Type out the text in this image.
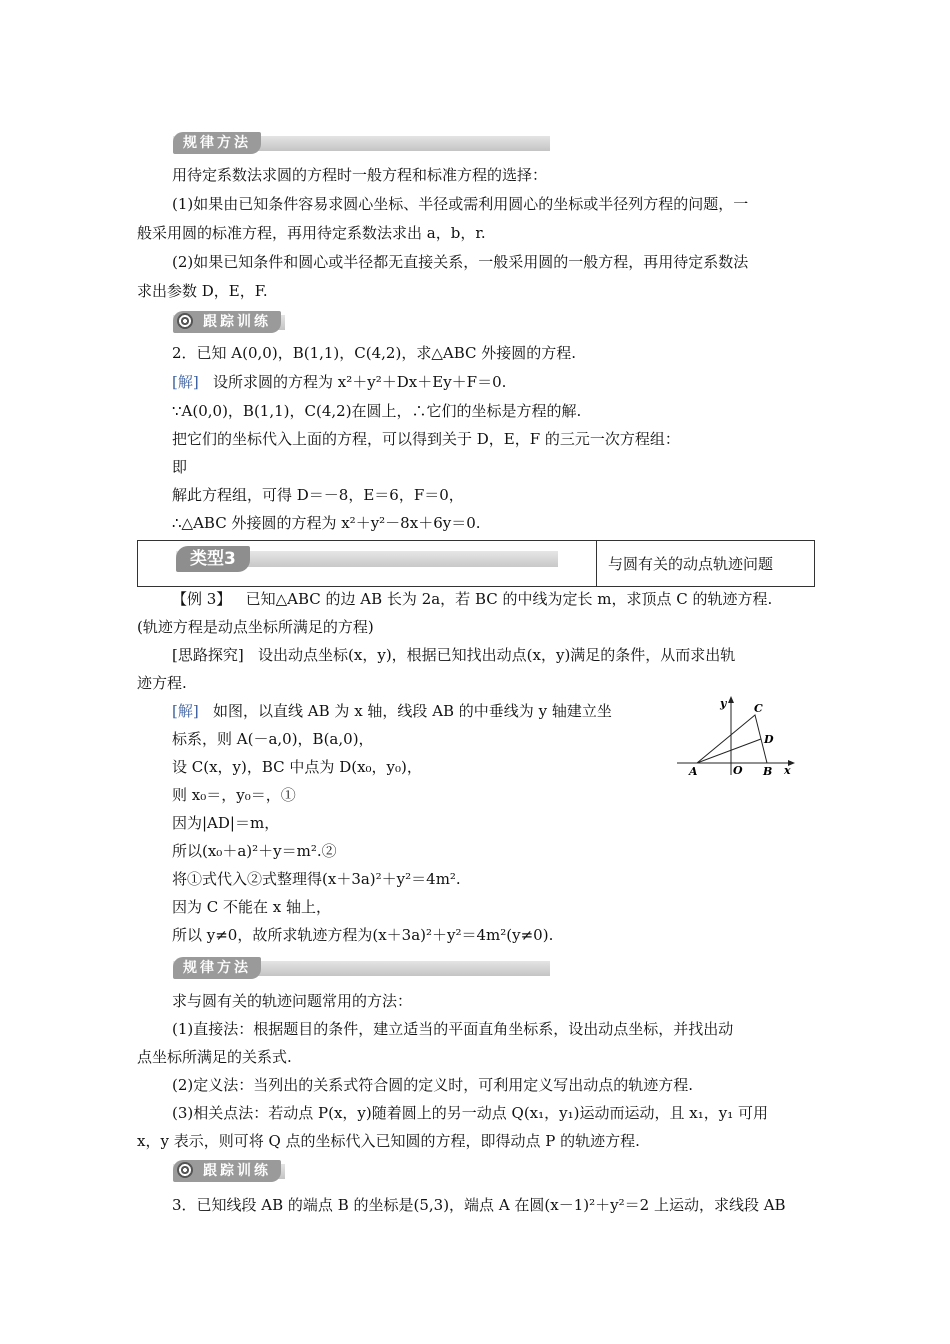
规律方法
用待定系数法求圆的方程时一般方程和标准方程的选择：
(1)如果由已知条件容易求圆心坐标、半径或需利用圆心的坐标或半径列方程的问题，一
般采用圆的标准方程，再用待定系数法求出 a，b，r.
(2)如果已知条件和圆心或半径都无直接关系，一般采用圆的一般方程，再用待定系数法
求出参数 D，E，F.
跟踪训练
2．已知 A(0,0)，B(1,1)，C(4,2)，求△ABC 外接圆的方程.
[解] 设所求圆的方程为 x²＋y²＋Dx＋Ey＋F＝0.
∵A(0,0)，B(1,1)，C(4,2)在圆上，∴它们的坐标是方程的解.
把它们的坐标代入上面的方程，可以得到关于 D，E，F 的三元一次方程组：
即
解此方程组，可得 D＝－8，E＝6，F＝0，
∴△ABC 外接圆的方程为 x²＋y²－8x＋6y＝0.
类型3	与圆有关的动点轨迹问题
【例 3】 已知△ABC 的边 AB 长为 2a，若 BC 的中线为定长 m，求顶点 C 的轨迹方程.
(轨迹方程是动点坐标所满足的方程)
[思路探究] 设出动点坐标(x，y)，根据已知找出动点(x，y)满足的条件，从而求出轨
迹方程.
[解] 如图，以直线 AB 为 x 轴，线段 AB 的中垂线为 y 轴建立坐
标系，则 A(－a,0)，B(a,0)，
设 C(x，y)，BC 中点为 D(x₀，y₀)，
则 x₀＝，y₀＝，①
因为|AD|＝m，
所以(x₀＋a)²＋y＝m².②
将①式代入②式整理得(x＋3a)²＋y²＝4m².
因为 C 不能在 x 轴上，
所以 y≠0，故所求轨迹方程为(x＋3a)²＋y²＝4m²(y≠0).
y	C
D
A	O B x
规律方法
求与圆有关的轨迹问题常用的方法：
(1)直接法：根据题目的条件，建立适当的平面直角坐标系，设出动点坐标，并找出动
点坐标所满足的关系式.
(2)定义法：当列出的关系式符合圆的定义时，可利用定义写出动点的轨迹方程.
(3)相关点法：若动点 P(x，y)随着圆上的另一动点 Q(x₁，y₁)运动而运动，且 x₁，y₁ 可用
x，y 表示，则可将 Q 点的坐标代入已知圆的方程，即得动点 P 的轨迹方程.
跟踪训练
3．已知线段 AB 的端点 B 的坐标是(5,3)，端点 A 在圆(x－1)²＋y²＝2 上运动，求线段 AB
